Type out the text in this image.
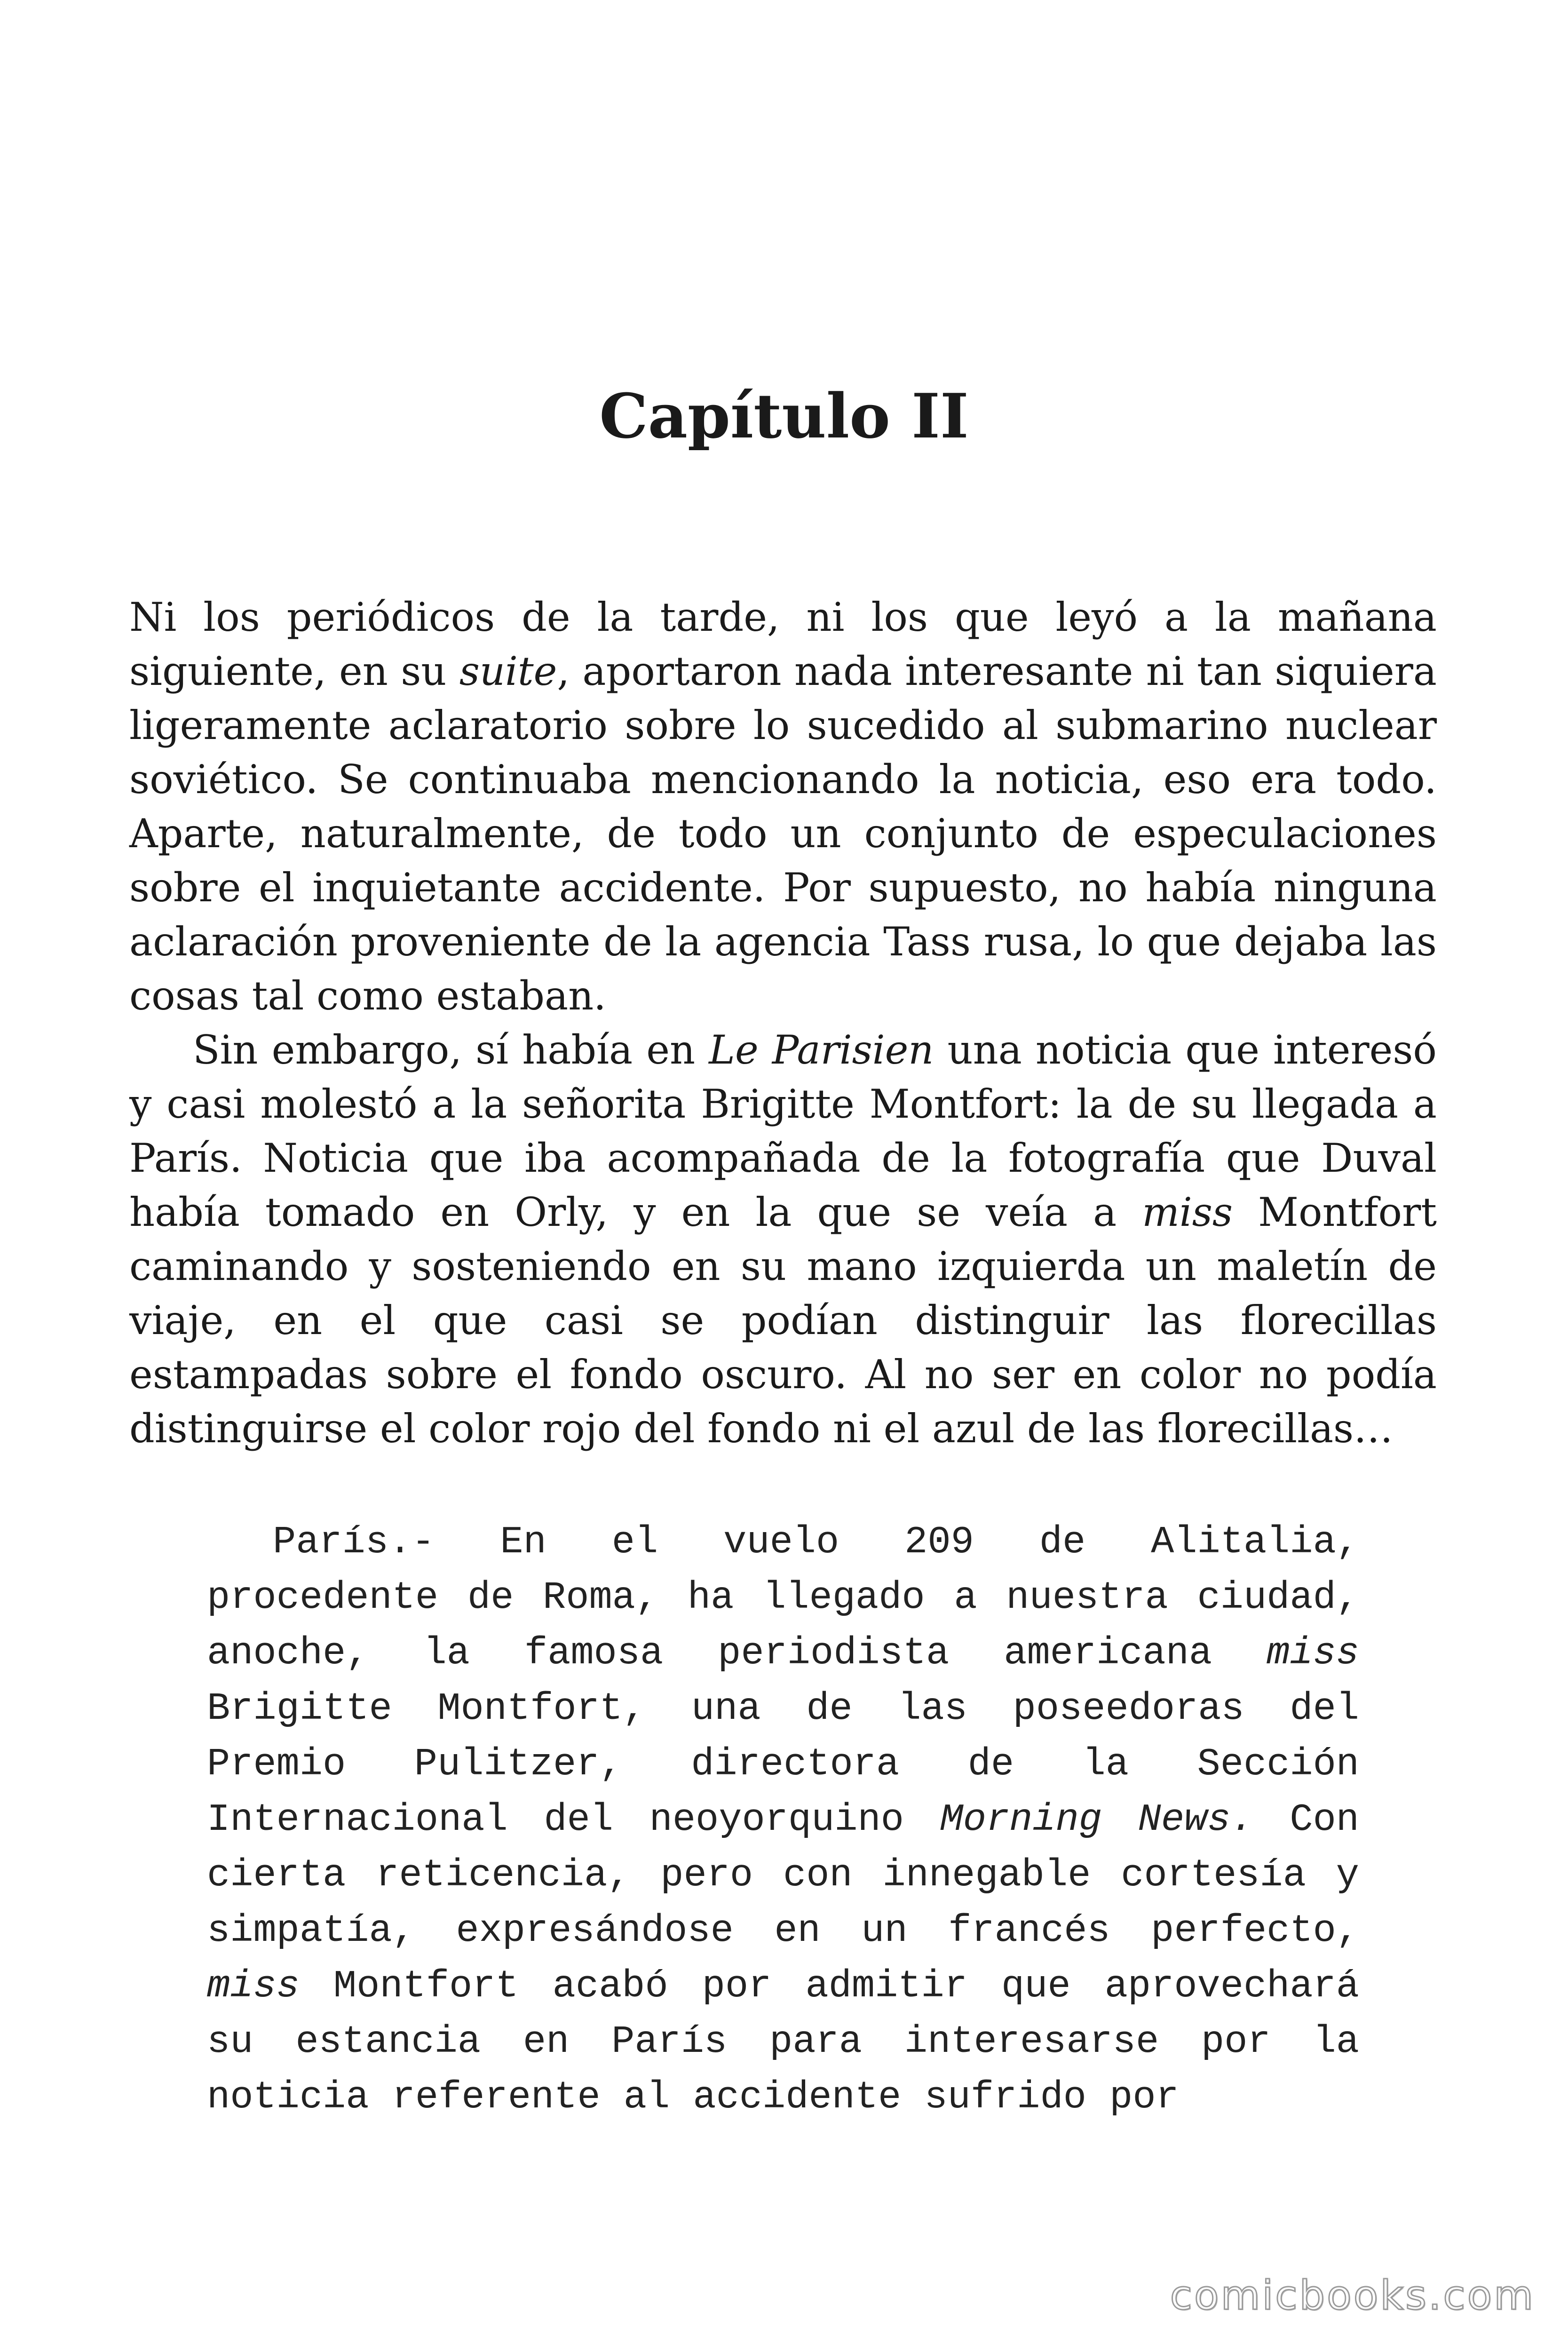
Capítulo II

Ni los periódicos de la tarde, ni los que leyó a la mañana siguiente, en su suite, aportaron nada interesante ni tan siquiera ligeramente aclaratorio sobre lo sucedido al submarino nuclear soviético. Se continuaba mencionando la noticia, eso era todo. Aparte, naturalmente, de todo un conjunto de especulaciones sobre el inquietante accidente. Por supuesto, no había ninguna aclaración proveniente de la agencia Tass rusa, lo que dejaba las cosas tal como estaban.

Sin embargo, sí había en Le Parisien una noticia que interesó y casi molestó a la señorita Brigitte Montfort: la de su llegada a París. Noticia que iba acompañada de la fotografía que Duval había tomado en Orly, y en la que se veía a miss Montfort caminando y sosteniendo en su mano izquierda un maletín de viaje, en el que casi se podían distinguir las florecillas estampadas sobre el fondo oscuro. Al no ser en color no podía distinguirse el color rojo del fondo ni el azul de las florecillas…

París.- En el vuelo 209 de Alitalia, procedente de Roma, ha llegado a nuestra ciudad, anoche, la famosa periodista americana miss Brigitte Montfort, una de las poseedoras del Premio Pulitzer, directora de la Sección Internacional del neoyorquino Morning News. Con cierta reticencia, pero con innegable cortesía y simpatía, expresándose en un francés perfecto, miss Montfort acabó por admitir que aprovechará su estancia en París para interesarse por la noticia referente al accidente sufrido por

comicbooks.com
